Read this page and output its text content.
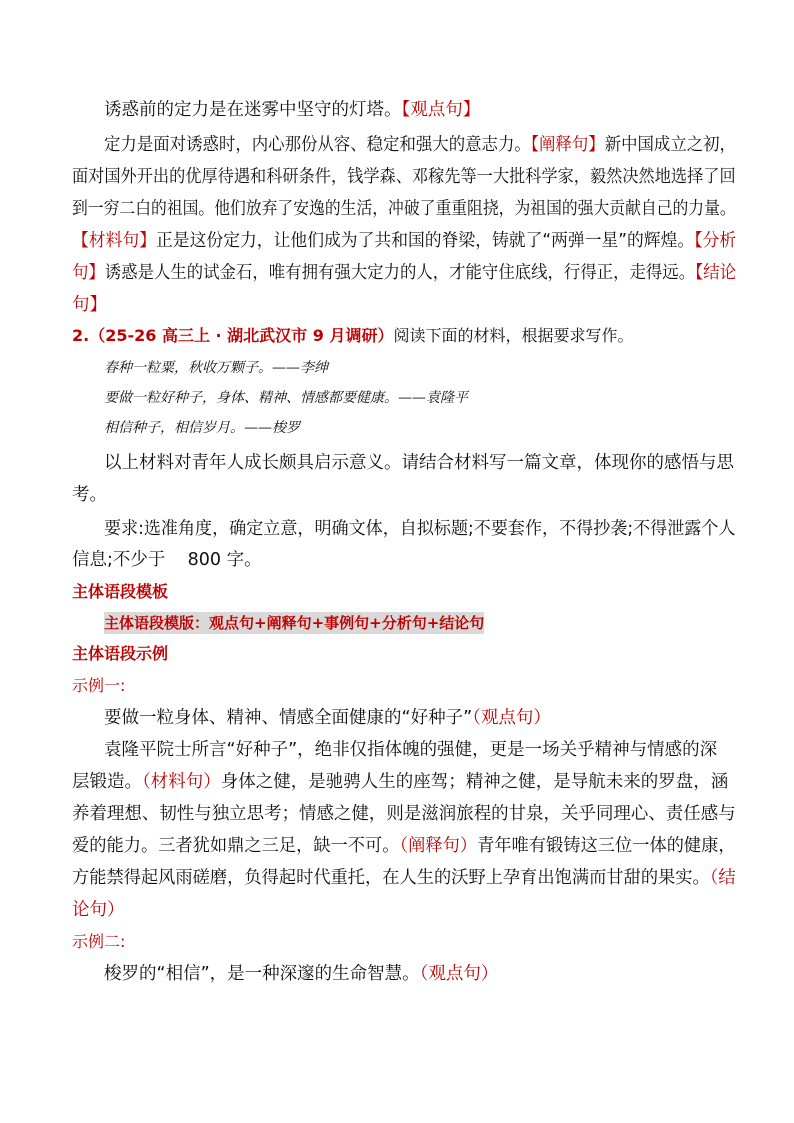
诱惑前的定力是在迷雾中坚守的灯塔。【观点句】
定力是面对诱惑时，内心那份从容、稳定和强大的意志力。【阐释句】新中国成立之初，
面对国外开出的优厚待遇和科研条件，钱学森、邓稼先等一大批科学家，毅然决然地选择了回
到一穷二白的祖国。他们放弃了安逸的生活，冲破了重重阻挠，为祖国的强大贡献自己的力量。
【材料句】正是这份定力，让他们成为了共和国的脊梁，铸就了“两弹一星”的辉煌。【分析
句】诱惑是人生的试金石，唯有拥有强大定力的人，才能守住底线，行得正，走得远。【结论
句】
2.（25-26 高三上 · 湖北武汉市 9 月调研）阅读下面的材料，根据要求写作。
春种一粒粟，秋收万颗子。——李绅
要做一粒好种子，身体、精神、情感都要健康。——袁隆平
相信种子，相信岁月。——梭罗
以上材料对青年人成长颇具启示意义。请结合材料写一篇文章，体现你的感悟与思
考。
要求:选准角度，确定立意，明确文体，自拟标题;不要套作，不得抄袭;不得泄露个人
信息;不少于    800 字。
主体语段模板
主体语段模版：观点句+阐释句+事例句+分析句+结论句
主体语段示例
示例一:
要做一粒身体、精神、情感全面健康的“好种子”（观点句）
袁隆平院士所言“好种子”，绝非仅指体魄的强健，更是一场关乎精神与情感的深
层锻造。（材料句）身体之健，是驰骋人生的座驾；精神之健，是导航未来的罗盘，涵
养着理想、韧性与独立思考；情感之健，则是滋润旅程的甘泉，关乎同理心、责任感与
爱的能力。三者犹如鼎之三足，缺一不可。（阐释句）青年唯有锻铸这三位一体的健康，
方能禁得起风雨磋磨，负得起时代重托，在人生的沃野上孕育出饱满而甘甜的果实。（结
论句）
示例二:
梭罗的“相信”，是一种深邃的生命智慧。（观点句）
